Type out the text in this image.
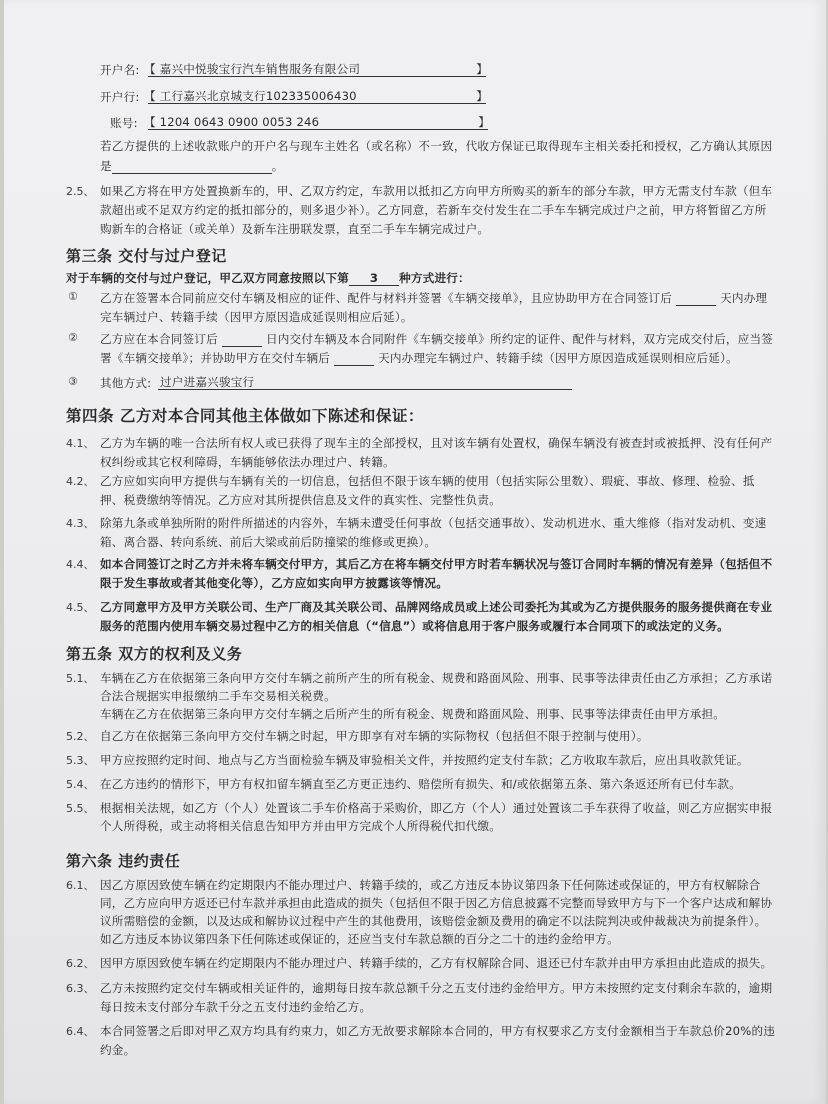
开户名: 【 嘉兴中悦骏宝行汽车销售服务有限公司	】
开户行: 【 工行嘉兴北京城支行102335006430	】
账号: 【 1204 0643 0900 0053 246	】
若乙方提供的上述收款账户的开户名与现车主姓名（或名称）不一致，代收方保证已取得现车主相关委托和授权，乙方确认其原因
是	。
2.5、 如果乙方将在甲方处置换新车的，甲、乙双方约定，车款用以抵扣乙方向甲方所购买的新车的部分车款，甲方无需支付车款（但车
款超出或不足双方约定的抵扣部分的，则多退少补）。乙方同意，若新车交付发生在二手车车辆完成过户之前，甲方将暂留乙方所
购新车的合格证（或关单）及新车注册联发票，直至二手车车辆完成过户。
第三条 交付与过户登记
对于车辆的交付与过户登记，甲乙双方同意按照以下第 3 种方式进行：
① 乙方在签署本合同前应交付车辆及相应的证件、配件与材料并签署《车辆交接单》，且应协助甲方在合同签订后	天内办理
完车辆过户、转籍手续（因甲方原因造成延误则相应后延）。
② 乙方应在本合同签订后	日内交付车辆及本合同附件《车辆交接单》所约定的证件、配件与材料，双方完成交付后，应当签
署《车辆交接单》；并协助甲方在交付车辆后	天内办理完车辆过户、转籍手续（因甲方原因造成延误则相应后延）。
③ 其他方式: 过户进嘉兴骏宝行
第四条 乙方对本合同其他主体做如下陈述和保证：
4.1、 乙方为车辆的唯一合法所有权人或已获得了现车主的全部授权，且对该车辆有处置权，确保车辆没有被查封或被抵押、没有任何产
权纠纷或其它权利障碍，车辆能够依法办理过户、转籍。
4.2、 乙方应如实向甲方提供与车辆有关的一切信息，包括但不限于该车辆的使用（包括实际公里数）、瑕疵、事故、修理、检验、抵
押、税费缴纳等情况。乙方应对其所提供信息及文件的真实性、完整性负责。
4.3、 除第九条或单独所附的附件所描述的内容外，车辆未遭受任何事故（包括交通事故）、发动机进水、重大维修（指对发动机、变速
箱、离合器、转向系统、前后大梁或前后防撞梁的维修或更换）。
4.4、 如本合同签订之时乙方并未将车辆交付甲方，其后乙方在将车辆交付甲方时若车辆状况与签订合同时车辆的情况有差异（包括但不
限于发生事故或者其他变化等），乙方应如实向甲方披露该等情况。
4.5、 乙方同意甲方及甲方关联公司、生产厂商及其关联公司、品牌网络成员或上述公司委托为其或为乙方提供服务的服务提供商在专业
服务的范围内使用车辆交易过程中乙方的相关信息（“信息”）或将信息用于客户服务或履行本合同项下的或法定的义务。
第五条 双方的权利及义务
5.1、 车辆在乙方在依据第三条向甲方交付车辆之前所产生的所有税金、规费和路面风险、刑事、民事等法律责任由乙方承担；乙方承诺
合法合规据实申报缴纳二手车交易相关税费。
车辆在乙方在依据第三条向甲方交付车辆之后所产生的所有税金、规费和路面风险、刑事、民事等法律责任由甲方承担。
5.2、 自乙方在依据第三条向甲方交付车辆之时起，甲方即享有对车辆的实际物权（包括但不限于控制与使用）。
5.3、 甲方应按照约定时间、地点与乙方当面检验车辆及审验相关文件，并按照约定支付车款；乙方收取车款后，应出具收款凭证。
5.4、 在乙方违约的情形下，甲方有权扣留车辆直至乙方更正违约、赔偿所有损失、和/或依据第五条、第六条返还所有已付车款。
5.5、 根据相关法规，如乙方（个人）处置该二手车价格高于采购价，即乙方（个人）通过处置该二手车获得了收益，则乙方应据实申报
个人所得税，或主动将相关信息告知甲方并由甲方完成个人所得税代扣代缴。
第六条 违约责任
6.1、 因乙方原因致使车辆在约定期限内不能办理过户、转籍手续的，或乙方违反本协议第四条下任何陈述或保证的，甲方有权解除合
同，乙方应向甲方返还已付车款并承担由此造成的损失（包括但不限于因乙方信息披露不完整而导致甲方与下一个客户达成和解协
议所需赔偿的金额，以及达成和解协议过程中产生的其他费用，该赔偿金额及费用的确定不以法院判决或仲裁裁决为前提条件）。
如乙方违反本协议第四条下任何陈述或保证的，还应当支付车款总额的百分之二十的违约金给甲方。
6.2、 因甲方原因致使车辆在约定期限内不能办理过户、转籍手续的，乙方有权解除合同、退还已付车款并由甲方承担由此造成的损失。
6.3、 乙方未按照约定交付车辆或相关证件的，逾期每日按车款总额千分之五支付违约金给甲方。甲方未按照约定支付剩余车款的，逾期
每日按未支付部分车款千分之五支付违约金给乙方。
6.4、 本合同签署之后即对甲乙双方均具有约束力，如乙方无故要求解除本合同的，甲方有权要求乙方支付金额相当于车款总价20%的违
约金。
